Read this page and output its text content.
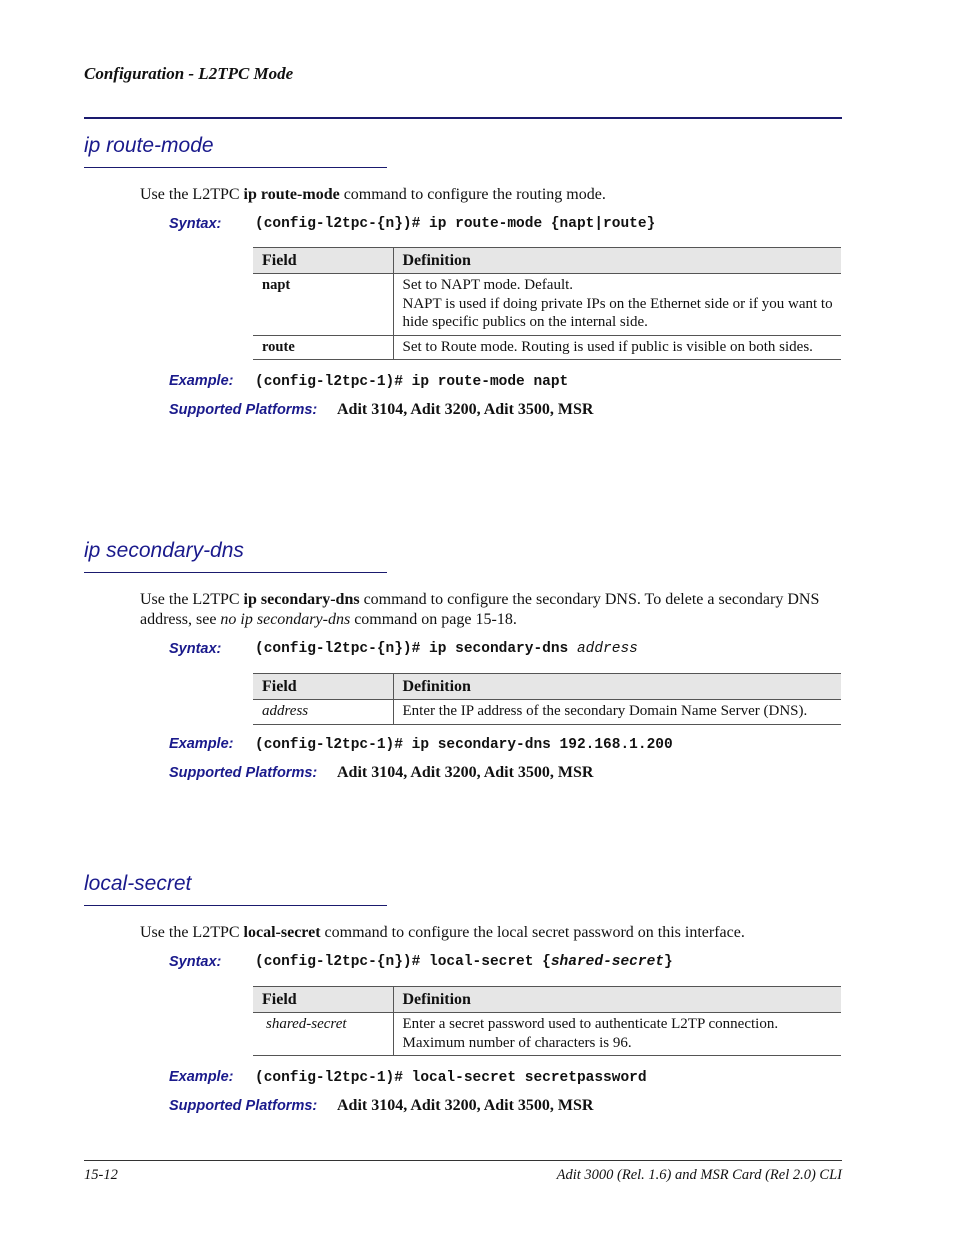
Configuration - L2TPC Mode
ip route-mode
Use the L2TPC ip route-mode command to configure the routing mode.
Syntax: (config-l2tpc-{n})# ip route-mode {napt|route}
Field	Definition
napt	Set to NAPT mode. Default.
NAPT is used if doing private IPs on the Ethernet side or if you want to hide specific publics on the internal side.

route	Set to Route mode. Routing is used if public is visible on both sides.
Example: (config-l2tpc-1)# ip route-mode napt
Supported Platforms: Adit 3104, Adit 3200, Adit 3500, MSR
ip secondary-dns
Use the L2TPC ip secondary-dns command to configure the secondary DNS. To delete a secondary DNS address, see no ip secondary-dns command on page 15-18.
Syntax: (config-l2tpc-{n})# ip secondary-dns address
Field	Definition
address	Enter the IP address of the secondary Domain Name Server (DNS).
Example: (config-l2tpc-1)# ip secondary-dns 192.168.1.200
Supported Platforms: Adit 3104, Adit 3200, Adit 3500, MSR
local-secret
Use the L2TPC local-secret command to configure the local secret password on this interface.
Syntax: (config-l2tpc-{n})# local-secret {shared-secret}
Field	Definition
shared-secret	Enter a secret password used to authenticate L2TP connection.
Maximum number of characters is 96.
Example: (config-l2tpc-1)# local-secret secretpassword
Supported Platforms: Adit 3104, Adit 3200, Adit 3500, MSR
15-12	Adit 3000 (Rel. 1.6) and MSR Card (Rel 2.0) CLI
